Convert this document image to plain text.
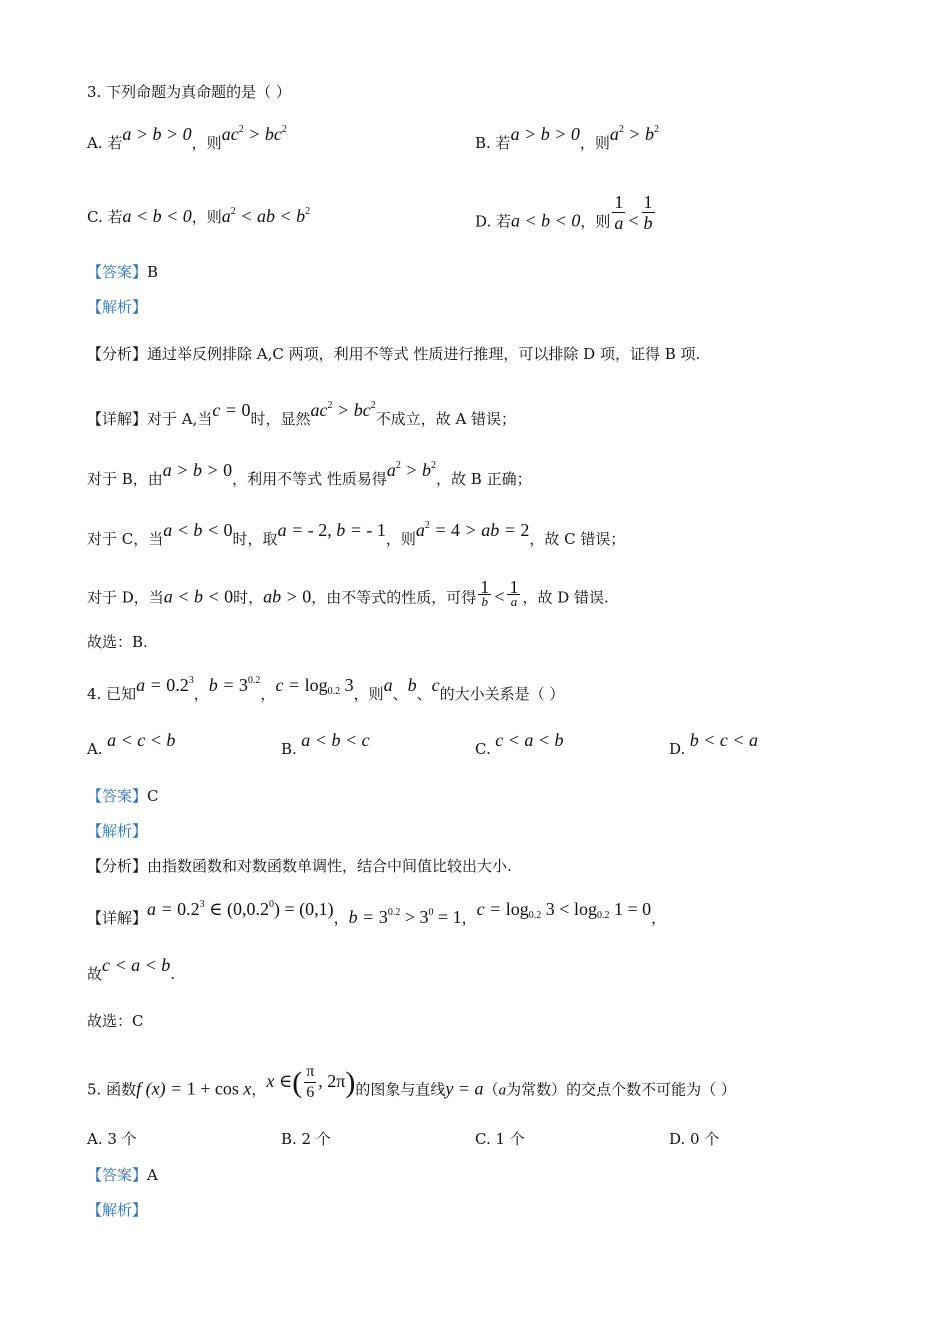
3. 下列命题为真命题的是（ ）
A. 若a > b > 0，则$ac^2 > bc^2$
B. 若a > b > 0，则$a^2 > b^2$
C. 若a < b < 0，则$a^2$ < ab < $b^2$
D. 若a < b < 0，则 $\frac{1}{a} < \frac{1}{b}$
【答案】B
【解析】
【分析】通过举反例排除 A,C 两项，利用不等式 性质进行推理，可以排除 D 项，证得 B 项.
【详解】对于 A,当c = 0时，显然$ac^2 > bc^2$不成立，故 A 错误；
对于 B，由a > b > 0，利用不等式 性质易得$a^2 > b^2$，故 B 正确；
对于 C，当a < b < 0时，取a = - 2, b = - 1，则$a^2 = 4$ > ab = 2，故 C 错误；
对于 D，当a < b < 0时，ab > 0，由不等式的性质，可得 $\frac{1}{b} < \frac{1}{a}$ ，故 D 错误.
故选：B.
4. 已知$a = 0.2^3$，$b = 3^{0.2}$，$c = \log_{0.2} 3$，则a、b、c的大小关系是（ ）
A. a < c < b	B. a < b < c	C. c < a < b	D. b < c < a
【答案】C
【解析】
【分析】由指数函数和对数函数单调性，结合中间值比较出大小.
【详解】$a = 0.2^3$ ∈ $(0,0.2^0) = (0,1)$，$b = 3^{0.2} > 3^0 = 1$，$c = \log_{0.2} 3 < \log_{0.2} 1 = 0$，
故c < a < b.
故选：C
5. 函数f (x) = 1 + cos x，x ∈( $\frac{\pi}{6}$ , 2π)的图象与直线y = a（a为常数）的交点个数不可能为（ ）
A. 3 个	B. 2 个	C. 1 个	D. 0 个
【答案】A
【解析】
